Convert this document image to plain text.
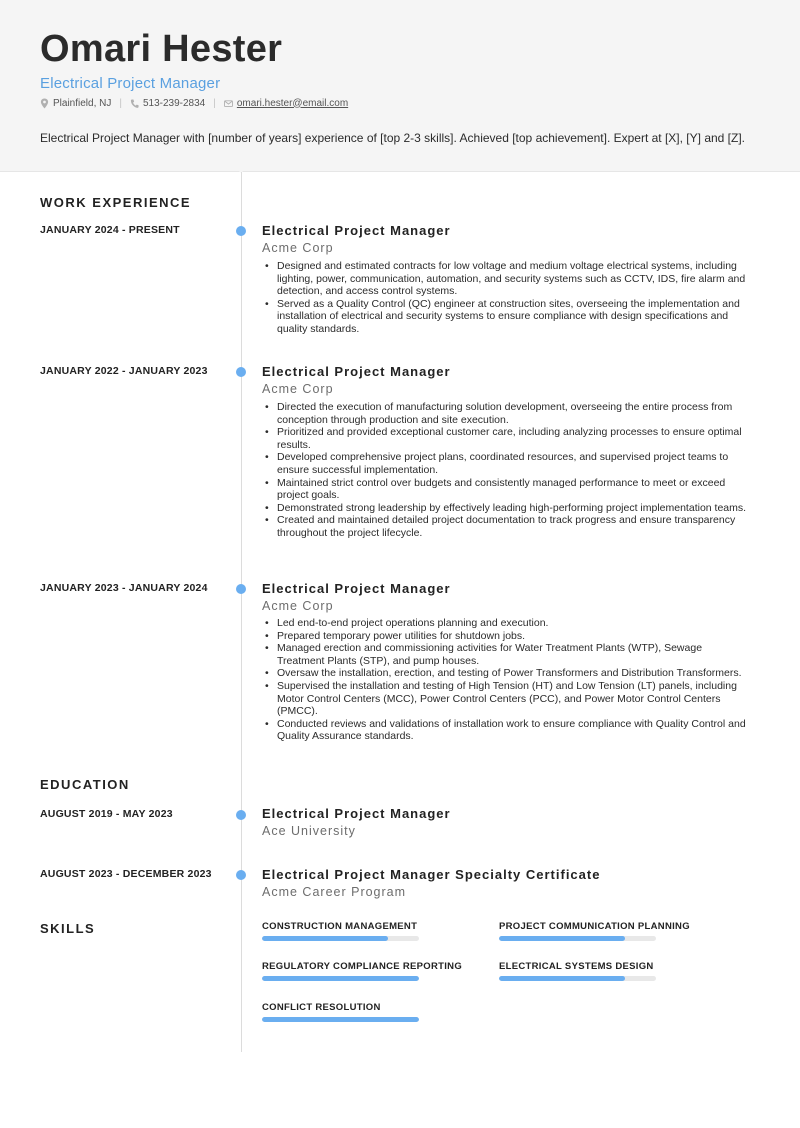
Omari Hester
Electrical Project Manager
Plainfield, NJ | 513-239-2834 | omari.hester@email.com
Electrical Project Manager with [number of years] experience of [top 2-3 skills]. Achieved [top achievement]. Expert at [X], [Y] and [Z].
WORK EXPERIENCE
JANUARY 2024 - PRESENT	Electrical Project Manager
Acme Corp
• Designed and estimated contracts for low voltage and medium voltage electrical systems, including lighting, power, communication, automation, and security systems such as CCTV, IDS, fire alarm and detection, and access control systems.
• Served as a Quality Control (QC) engineer at construction sites, overseeing the implementation and installation of electrical and security systems to ensure compliance with design specifications and quality standards.
JANUARY 2022 - JANUARY 2023	Electrical Project Manager
Acme Corp
• Directed the execution of manufacturing solution development, overseeing the entire process from conception through production and site execution.
• Prioritized and provided exceptional customer care, including analyzing processes to ensure optimal results.
• Developed comprehensive project plans, coordinated resources, and supervised project teams to ensure successful implementation.
• Maintained strict control over budgets and consistently managed performance to meet or exceed project goals.
• Demonstrated strong leadership by effectively leading high-performing project implementation teams.
• Created and maintained detailed project documentation to track progress and ensure transparency throughout the project lifecycle.
JANUARY 2023 - JANUARY 2024	Electrical Project Manager
Acme Corp
• Led end-to-end project operations planning and execution.
• Prepared temporary power utilities for shutdown jobs.
• Managed erection and commissioning activities for Water Treatment Plants (WTP), Sewage Treatment Plants (STP), and pump houses.
• Oversaw the installation, erection, and testing of Power Transformers and Distribution Transformers.
• Supervised the installation and testing of High Tension (HT) and Low Tension (LT) panels, including Motor Control Centers (MCC), Power Control Centers (PCC), and Power Motor Control Centers (PMCC).
• Conducted reviews and validations of installation work to ensure compliance with Quality Control and Quality Assurance standards.
EDUCATION
AUGUST 2019 - MAY 2023	Electrical Project Manager
Ace University
AUGUST 2023 - DECEMBER 2023	Electrical Project Manager Specialty Certificate
Acme Career Program
SKILLS	CONSTRUCTION MANAGEMENT	PROJECT COMMUNICATION PLANNING
REGULATORY COMPLIANCE REPORTING	ELECTRICAL SYSTEMS DESIGN
CONFLICT RESOLUTION
